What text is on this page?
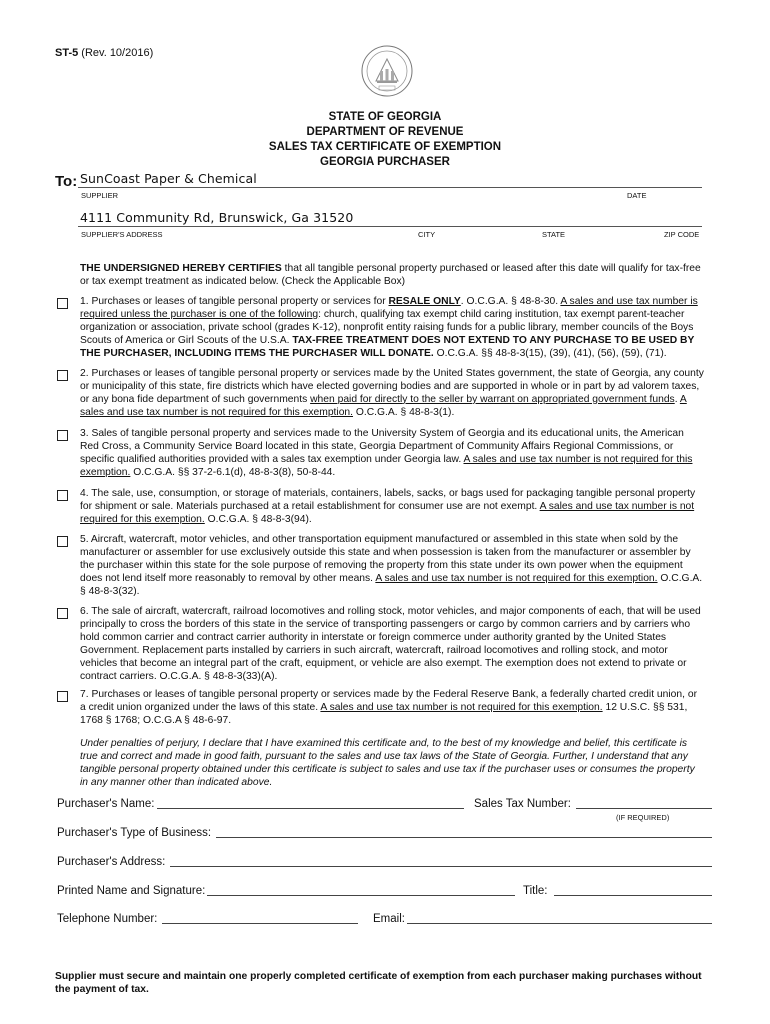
ST-5 (Rev. 10/2016)
STATE OF GEORGIA
DEPARTMENT OF REVENUE
SALES TAX CERTIFICATE OF EXEMPTION
GEORGIA PURCHASER
To: SunCoast Paper & Chemical
SUPPLIER	DATE
4111 Community Rd, Brunswick, Ga 31520
SUPPLIER'S ADDRESS	CITY	STATE	ZIP CODE

THE UNDERSIGNED HEREBY CERTIFIES that all tangible personal property purchased or leased after this date will qualify for tax-free or tax exempt treatment as indicated below. (Check the Applicable Box)

1. Purchases or leases of tangible personal property or services for RESALE ONLY. O.C.G.A. § 48-8-30. A sales and use tax number is required unless the purchaser is one of the following: church, qualifying tax exempt child caring institution, tax exempt parent-teacher organization or association, private school (grades K-12), nonprofit entity raising funds for a public library, member councils of the Boys Scouts of America or Girl Scouts of the U.S.A. TAX-FREE TREATMENT DOES NOT EXTEND TO ANY PURCHASE TO BE USED BY THE PURCHASER, INCLUDING ITEMS THE PURCHASER WILL DONATE. O.C.G.A. §§ 48-8-3(15), (39), (41), (56), (59), (71).

2. Purchases or leases of tangible personal property or services made by the United States government, the state of Georgia, any county or municipality of this state, fire districts which have elected governing bodies and are supported in whole or in part by ad valorem taxes, or any bona fide department of such governments when paid for directly to the seller by warrant on appropriated government funds. A sales and use tax number is not required for this exemption. O.C.G.A. § 48-8-3(1).

3. Sales of tangible personal property and services made to the University System of Georgia and its educational units, the American Red Cross, a Community Service Board located in this state, Georgia Department of Community Affairs Regional Commissions, or specific qualified authorities provided with a sales tax exemption under Georgia law. A sales and use tax number is not required for this exemption. O.C.G.A. §§ 37-2-6.1(d), 48-8-3(8), 50-8-44.

4. The sale, use, consumption, or storage of materials, containers, labels, sacks, or bags used for packaging tangible personal property for shipment or sale. Materials purchased at a retail establishment for consumer use are not exempt. A sales and use tax number is not required for this exemption. O.C.G.A. § 48-8-3(94).

5. Aircraft, watercraft, motor vehicles, and other transportation equipment manufactured or assembled in this state when sold by the manufacturer or assembler for use exclusively outside this state and when possession is taken from the manufacturer or assembler by the purchaser within this state for the sole purpose of removing the property from this state under its own power when the equipment does not lend itself more reasonably to removal by other means. A sales and use tax number is not required for this exemption. O.C.G.A. § 48-8-3(32).

6. The sale of aircraft, watercraft, railroad locomotives and rolling stock, motor vehicles, and major components of each, that will be used principally to cross the borders of this state in the service of transporting passengers or cargo by common carriers and by carriers who hold common carrier and contract carrier authority in interstate or foreign commerce under authority granted by the United States Government. Replacement parts installed by carriers in such aircraft, watercraft, railroad locomotives and rolling stock, and motor vehicles that become an integral part of the craft, equipment, or vehicle are also exempt. The exemption does not extend to private or contract carriers. O.C.G.A. § 48-8-3(33)(A).

7. Purchases or leases of tangible personal property or services made by the Federal Reserve Bank, a federally charted credit union, or a credit union organized under the laws of this state. A sales and use tax number is not required for this exemption. 12 U.S.C. §§ 531, 1768 § 1768; O.C.G.A § 48-6-97.

Under penalties of perjury, I declare that I have examined this certificate and, to the best of my knowledge and belief, this certificate is true and correct and made in good faith, pursuant to the sales and use tax laws of the State of Georgia. Further, I understand that any tangible personal property obtained under this certificate is subject to sales and use tax if the purchaser uses or consumes the property in any manner other than indicated above.

Purchaser's Name:	Sales Tax Number:
(IF REQUIRED)
Purchaser's Type of Business:
Purchaser's Address:
Printed Name and Signature:	Title:
Telephone Number:	Email:
Supplier must secure and maintain one properly completed certificate of exemption from each purchaser making purchases without the payment of tax.
